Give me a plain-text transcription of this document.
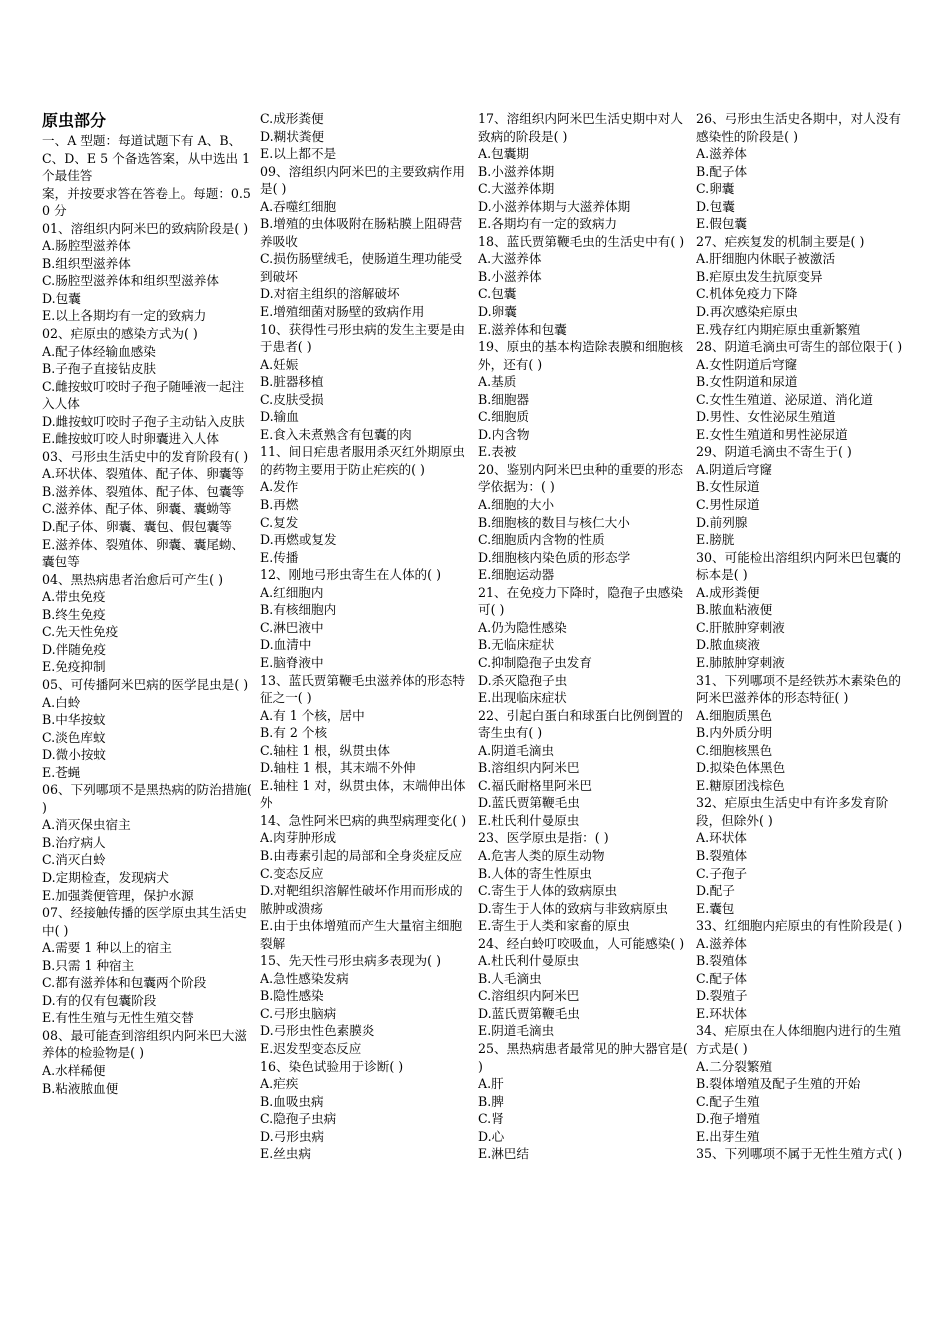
原虫部分

一、A 型题：每道试题下有 A、B、C、D、E 5 个备选答案，从中选出 1 个最佳答

案，并按要求答在答卷上。每题：0.50 分

01、溶组织内阿米巴的致病阶段是( )

A.肠腔型滋养体

B.组织型滋养体

C.肠腔型滋养体和组织型滋养体

D.包囊

E.以上各期均有一定的致病力

02、疟原虫的感染方式为( )

A.配子体经输血感染

B.子孢子直接钻皮肤

C.雌按蚊叮咬时子孢子随唾液一起注入人体

D.雌按蚊叮咬时子孢子主动钻入皮肤

E.雌按蚊叮咬人时卵囊进入人体

03、弓形虫生活史中的发育阶段有( )

A.环状体、裂殖体、配子体、卵囊等

B.滋养体、裂殖体、配子体、包囊等

C.滋养体、配子体、卵囊、囊蚴等

D.配子体、卵囊、囊包、假包囊等

E.滋养体、裂殖体、卵囊、囊尾蚴、囊包等

04、黑热病患者治愈后可产生( )

A.带虫免疫

B.终生免疫

C.先天性免疫

D.伴随免疫

E.免疫抑制

05、可传播阿米巴病的医学昆虫是( )

A.白蛉

B.中华按蚊

C.淡色库蚊

D.微小按蚊

E.苍蝇

06、下列哪项不是黑热病的防治措施( )

A.消灭保虫宿主

B.治疗病人

C.消灭白蛉

D.定期检查，发现病犬

E.加强粪便管理，保护水源

07、经接触传播的医学原虫其生活史中( )

A.需要 1 种以上的宿主

B.只需 1 种宿主

C.都有滋养体和包囊两个阶段

D.有的仅有包囊阶段

E.有性生殖与无性生殖交替

08、最可能查到溶组织内阿米巴大滋养体的检验物是( )

A.水样稀便

B.粘液脓血便

C.成形粪便

D.糊状粪便

E.以上都不是

09、溶组织内阿米巴的主要致病作用是( )

A.吞噬红细胞

B.增殖的虫体吸附在肠粘膜上阻碍营养吸收

C.损伤肠壁绒毛，使肠道生理功能受到破坏

D.对宿主组织的溶解破坏

E.增殖细菌对肠壁的致病作用

10、获得性弓形虫病的发生主要是由于患者( )

A.妊娠

B.脏器移植

C.皮肤受损

D.输血

E.食入未煮熟含有包囊的肉

11、间日疟患者服用杀灭红外期原虫的药物主要用于防止疟疾的( )

A.发作

B.再燃

C.复发

D.再燃或复发

E.传播

12、刚地弓形虫寄生在人体的( )

A.红细胞内

B.有核细胞内

C.淋巴液中

D.血清中

E.脑脊液中

13、蓝氏贾第鞭毛虫滋养体的形态特征之一( )

A.有 1 个核，居中

B.有 2 个核

C.轴柱 1 根，纵贯虫体

D.轴柱 1 根，其末端不外伸

E.轴柱 1 对，纵贯虫体，末端伸出体外

14、急性阿米巴病的典型病理变化( )

A.肉芽肿形成

B.由毒素引起的局部和全身炎症反应

C.变态反应

D.对靶组织溶解性破坏作用而形成的脓肿或溃疡

E.由于虫体增殖而产生大量宿主细胞裂解

15、先天性弓形虫病多表现为( )

A.急性感染发病

B.隐性感染

C.弓形虫脑病

D.弓形虫性色素膜炎

E.迟发型变态反应

16、染色试验用于诊断( )

A.疟疾

B.血吸虫病

C.隐孢子虫病

D.弓形虫病

E.丝虫病

17、溶组织内阿米巴生活史期中对人致病的阶段是( )

A.包囊期

B.小滋养体期

C.大滋养体期

D.小滋养体期与大滋养体期

E.各期均有一定的致病力

18、蓝氏贾第鞭毛虫的生活史中有( )

A.大滋养体

B.小滋养体

C.包囊

D.卵囊

E.滋养体和包囊

19、原虫的基本构造除表膜和细胞核外，还有( )

A.基质

B.细胞器

C.细胞质

D.内含物

E.表被

20、鉴别内阿米巴虫种的重要的形态学依据为：( )

A.细胞的大小

B.细胞核的数目与核仁大小

C.细胞质内含物的性质

D.细胞核内染色质的形态学

E.细胞运动器

21、在免疫力下降时，隐孢子虫感染可( )

A.仍为隐性感染

B.无临床症状

C.抑制隐孢子虫发育

D.杀灭隐孢子虫

E.出现临床症状

22、引起白蛋白和球蛋白比例倒置的寄生虫有( )

A.阴道毛滴虫

B.溶组织内阿米巴

C.福氏耐格里阿米巴

D.蓝氏贾第鞭毛虫

E.杜氏利什曼原虫

23、医学原虫是指：( )

A.危害人类的原生动物

B.人体的寄生性原虫

C.寄生于人体的致病原虫

D.寄生于人体的致病与非致病原虫

E.寄生于人类和家畜的原虫

24、经白蛉叮咬吸血，人可能感染( )

A.杜氏利什曼原虫

B.人毛滴虫

C.溶组织内阿米巴

D.蓝氏贾第鞭毛虫

E.阴道毛滴虫

25、黑热病患者最常见的肿大器官是( )

A.肝

B.脾

C.肾

D.心

E.淋巴结

26、弓形虫生活史各期中，对人没有感染性的阶段是( )

A.滋养体

B.配子体

C.卵囊

D.包囊

E.假包囊

27、疟疾复发的机制主要是( )

A.肝细胞内休眠子被激活

B.疟原虫发生抗原变异

C.机体免疫力下降

D.再次感染疟原虫

E.残存红内期疟原虫重新繁殖

28、阴道毛滴虫可寄生的部位限于( )

A.女性阴道后穹窿

B.女性阴道和尿道

C.女性生殖道、泌尿道、消化道

D.男性、女性泌尿生殖道

E.女性生殖道和男性泌尿道

29、阴道毛滴虫不寄生于( )

A.阴道后穹窿

B.女性尿道

C.男性尿道

D.前列腺

E.膀胱

30、可能检出溶组织内阿米巴包囊的标本是( )

A.成形粪便

B.脓血粘液便

C.肝脓肿穿刺液

D.脓血痰液

E.肺脓肿穿刺液

31、下列哪项不是经铁苏木素染色的阿米巴滋养体的形态特征( )

A.细胞质黑色

B.内外质分明

C.细胞核黑色

D.拟染色体黑色

E.糖原团浅棕色

32、疟原虫生活史中有许多发育阶段，但除外( )

A.环状体

B.裂殖体

C.子孢子

D.配子

E.囊包

33、红细胞内疟原虫的有性阶段是( )

A.滋养体

B.裂殖体

C.配子体

D.裂殖子

E.环状体

34、疟原虫在人体细胞内进行的生殖方式是( )

A.二分裂繁殖

B.裂体增殖及配子生殖的开始

C.配子生殖

D.孢子增殖

E.出芽生殖

35、下列哪项不属于无性生殖方式( )
